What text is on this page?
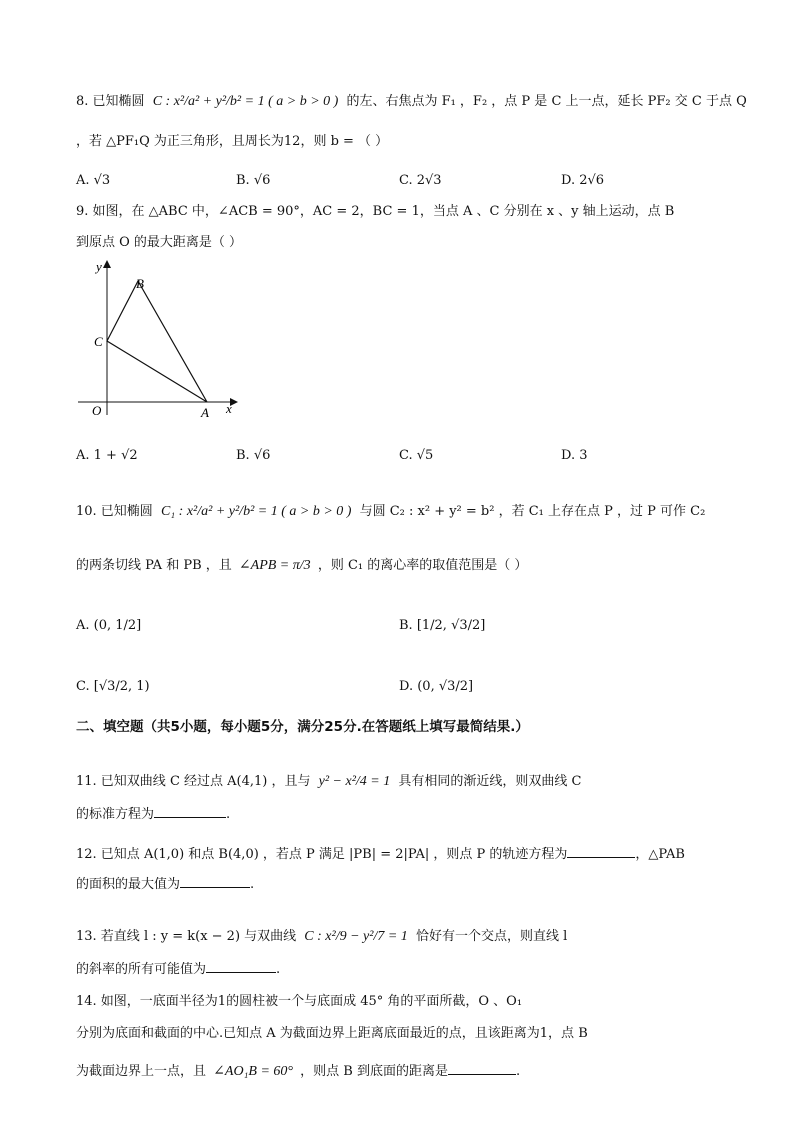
8. 已知椭圆 C : x²/a² + y²/b² = 1 ( a > b > 0 ) 的左、右焦点为 F₁ ，F₂ ，点 P 是 C 上一点，延长 PF₂ 交 C 于点 Q
，若 △PF₁Q 为正三角形，且周长为12，则 b = （ ）
A. √3	B. √6	C. 2√3	D. 2√6
9. 如图，在 △ABC 中，∠ACB = 90°，AC = 2，BC = 1，当点 A 、C 分别在 x 、y 轴上运动，点 B
到原点 O 的最大距离是（ ）
y
x
O	A
B
C
A. 1 + √2	B. √6	C. √5	D. 3
10. 已知椭圆 C₁ : x²/a² + y²/b² = 1 ( a > b > 0 ) 与圆 C₂ : x² + y² = b² ，若 C₁ 上存在点 P ，过 P 可作 C₂
的两条切线 PA 和 PB ，且 ∠APB = π/3 ，则 C₁ 的离心率的取值范围是（ ）
A. (0, 1/2]	B. [1/2, √3/2]
C. [√3/2, 1)	D. (0, √3/2]
二、填空题（共5小题，每小题5分，满分25分.在答题纸上填写最简结果.）
11. 已知双曲线 C 经过点 A(4,1) ，且与 y² − x²/4 = 1 具有相同的渐近线，则双曲线 C
的标准方程为	.
12. 已知点 A(1,0) 和点 B(4,0) ，若点 P 满足 |PB| = 2|PA| ，则点 P 的轨迹方程为	，△PAB
的面积的最大值为	.
13. 若直线 l : y = k(x − 2) 与双曲线 C : x²/9 − y²/7 = 1 恰好有一个交点，则直线 l
的斜率的所有可能值为	.
14. 如图，一底面半径为1的圆柱被一个与底面成 45° 角的平面所截，O 、O₁
分别为底面和截面的中心.已知点 A 为截面边界上距离底面最近的点，且该距离为1，点 B
为截面边界上一点，且 ∠AO₁B = 60° ，则点 B 到底面的距离是	.
